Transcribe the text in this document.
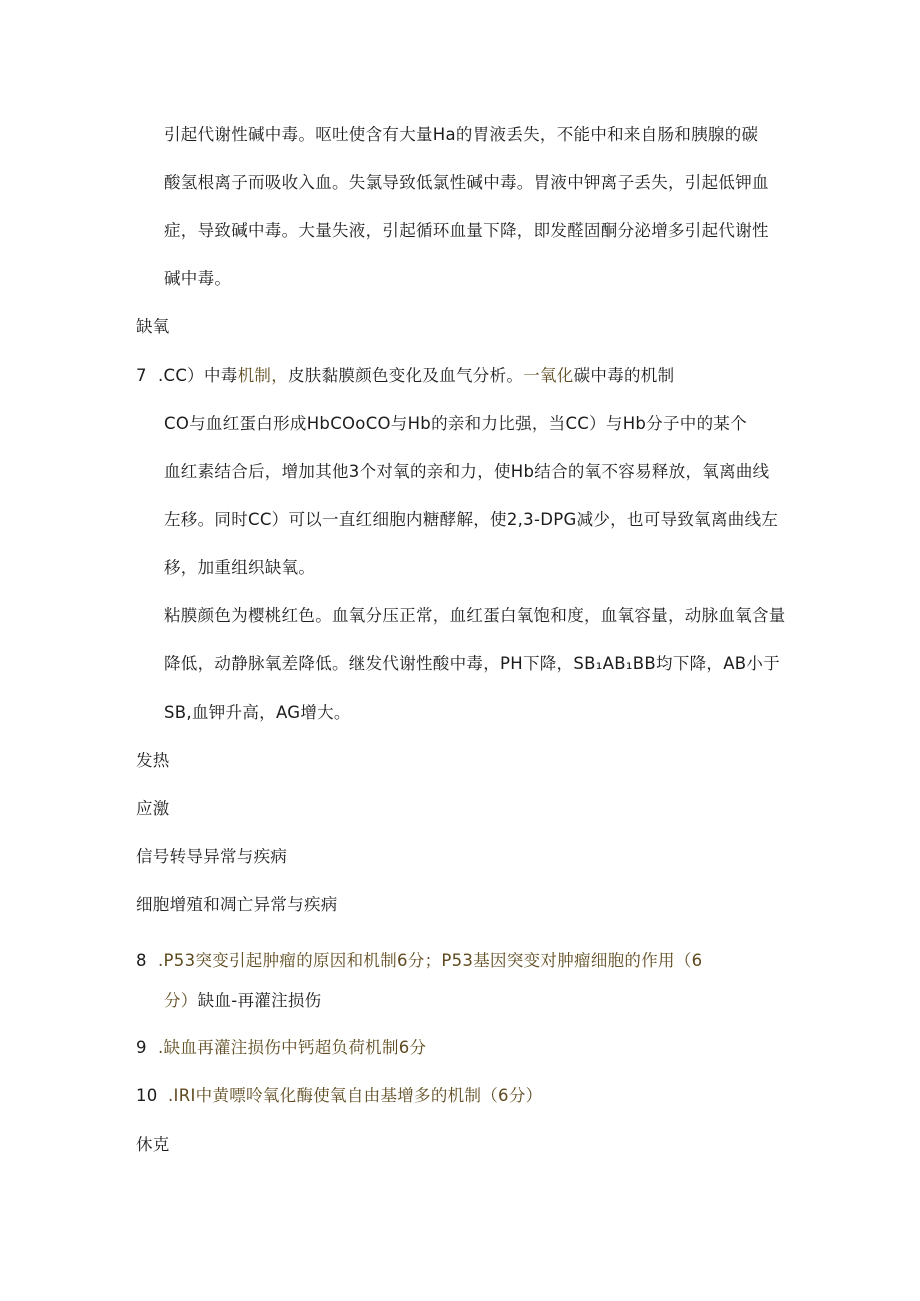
引起代谢性碱中毒。呕吐使含有大量Ha的胃液丢失，不能中和来自肠和胰腺的碳
酸氢根离子而吸收入血。失氯导致低氯性碱中毒。胃液中钾离子丢失，引起低钾血
症，导致碱中毒。大量失液，引起循环血量下降，即发醛固酮分泌增多引起代谢性
碱中毒。
缺氧
7 .CC）中毒机制，皮肤黏膜颜色变化及血气分析。一氧化碳中毒的机制
CO与血红蛋白形成HbCOoCO与Hb的亲和力比强，当CC）与Hb分子中的某个
血红素结合后，增加其他3个对氧的亲和力，使Hb结合的氧不容易释放，氧离曲线
左移。同时CC）可以一直红细胞内糖酵解，使2,3-DPG减少，也可导致氧离曲线左
移，加重组织缺氧。
粘膜颜色为樱桃红色。血氧分压正常，血红蛋白氧饱和度，血氧容量，动脉血氧含量
降低，动静脉氧差降低。继发代谢性酸中毒，PH下降，SB₁AB₁BB均下降，AB小于
SB,血钾升高，AG增大。
发热
应激
信号转导异常与疾病
细胞增殖和凋亡异常与疾病
8 .P53突变引起肿瘤的原因和机制6分；P53基因突变对肿瘤细胞的作用（6
分）缺血-再灌注损伤
9 .缺血再灌注损伤中钙超负荷机制6分
10 .IRI中黄嘌呤氧化酶使氧自由基增多的机制（6分）
休克
